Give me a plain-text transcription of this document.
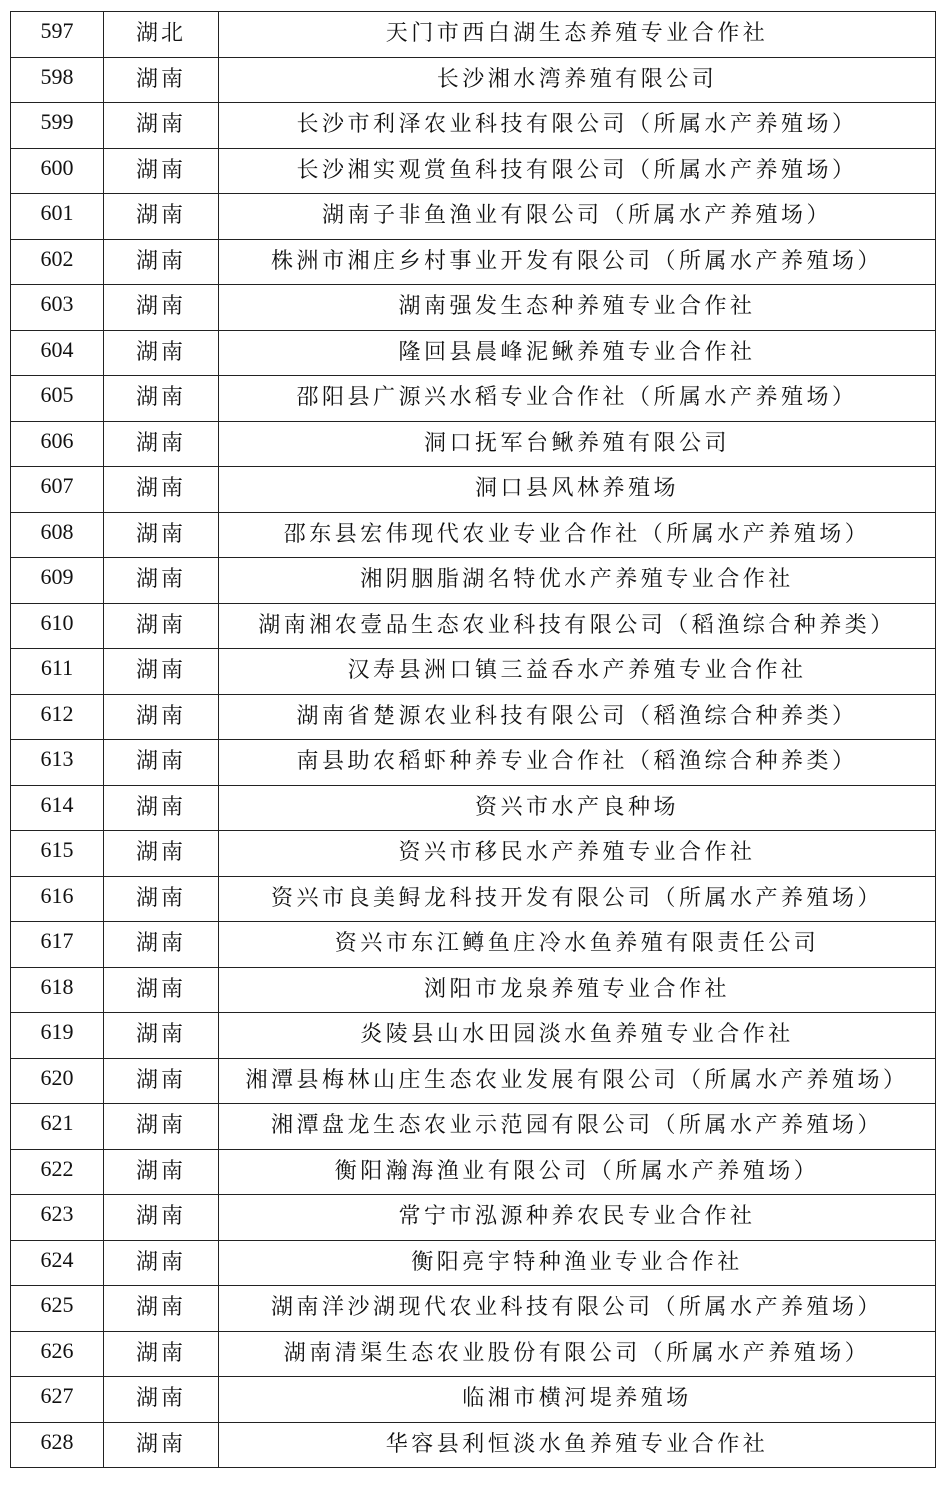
597	湖北	天门市西白湖生态养殖专业合作社
598	湖南	长沙湘水湾养殖有限公司
599	湖南	长沙市利泽农业科技有限公司（所属水产养殖场）
600	湖南	长沙湘实观赏鱼科技有限公司（所属水产养殖场）
601	湖南	湖南子非鱼渔业有限公司（所属水产养殖场）
602	湖南	株洲市湘庄乡村事业开发有限公司（所属水产养殖场）
603	湖南	湖南强发生态种养殖专业合作社
604	湖南	隆回县晨峰泥鳅养殖专业合作社
605	湖南	邵阳县广源兴水稻专业合作社（所属水产养殖场）
606	湖南	洞口抚军台鳅养殖有限公司
607	湖南	洞口县风林养殖场
608	湖南	邵东县宏伟现代农业专业合作社（所属水产养殖场）
609	湖南	湘阴胭脂湖名特优水产养殖专业合作社
610	湖南	湖南湘农壹品生态农业科技有限公司（稻渔综合种养类）
611	湖南	汉寿县洲口镇三益呑水产养殖专业合作社
612	湖南	湖南省楚源农业科技有限公司（稻渔综合种养类）
613	湖南	南县助农稻虾种养专业合作社（稻渔综合种养类）
614	湖南	资兴市水产良种场
615	湖南	资兴市移民水产养殖专业合作社
616	湖南	资兴市良美鲟龙科技开发有限公司（所属水产养殖场）
617	湖南	资兴市东江鳟鱼庄冷水鱼养殖有限责任公司
618	湖南	浏阳市龙泉养殖专业合作社
619	湖南	炎陵县山水田园淡水鱼养殖专业合作社
620	湖南	湘潭县梅林山庄生态农业发展有限公司（所属水产养殖场）
621	湖南	湘潭盘龙生态农业示范园有限公司（所属水产养殖场）
622	湖南	衡阳瀚海渔业有限公司（所属水产养殖场）
623	湖南	常宁市泓源种养农民专业合作社
624	湖南	衡阳亮宇特种渔业专业合作社
625	湖南	湖南洋沙湖现代农业科技有限公司（所属水产养殖场）
626	湖南	湖南清渠生态农业股份有限公司（所属水产养殖场）
627	湖南	临湘市横河堤养殖场
628	湖南	华容县利恒淡水鱼养殖专业合作社
